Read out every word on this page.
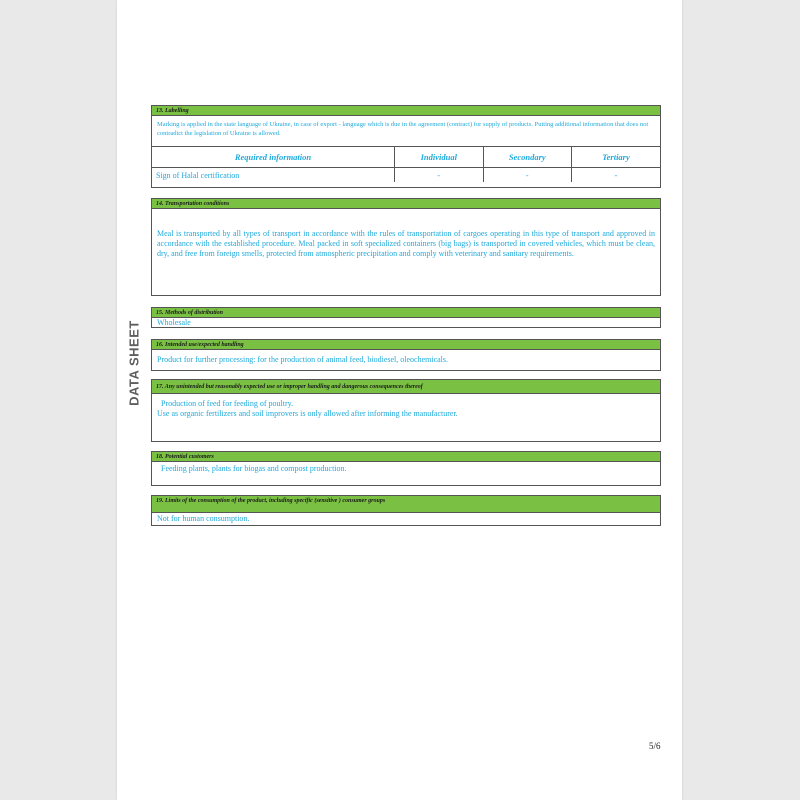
DATA SHEET
13. Labelling
Marking is applied in the state language of Ukraine, in case of export - language which is due in the agreement (contract) for supply of products. Putting additional information that does not contradict the legislation of Ukraine is allowed.
Required information	Individual	Secondary	Tertiary
Sign of Halal certification	-	-	-
14. Transportation conditions
Meal is transported by all types of transport in accordance with the rules of transportation of cargoes operating in this type of transport and approved in accordance with the established procedure. Meal packed in soft specialized containers (big bags) is transported in covered vehicles, which must be clean, dry, and free from foreign smells, protected from atmospheric precipitation and comply with veterinary and sanitary requirements.
15. Methods of distribution
Wholesale
16. Intended use/expected handling
Product for further processing: for the production of animal feed, biodiesel, oleochemicals.
17. Any unintended but reasonably expected use or improper handling and dangerous consequences thereof
Production of feed for feeding of poultry.
Use as organic fertilizers and soil improvers is only allowed after informing the manufacturer.
18. Potential customers
Feeding plants, plants for biogas and compost production.
19. Limits of the consumption of the product, including specific (sensitive ) consumer groups
Not for human consumption.
5/6
